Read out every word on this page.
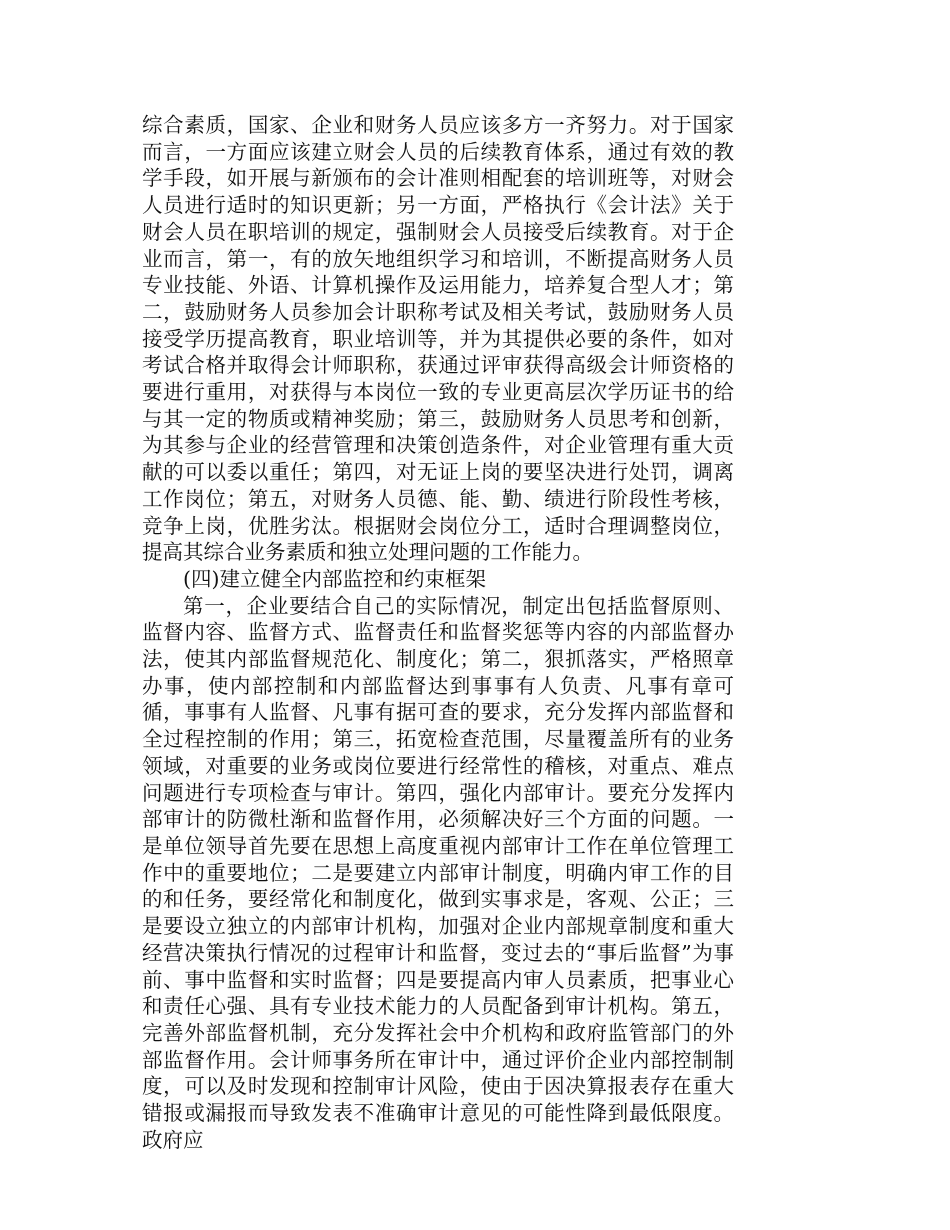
综合素质，国家、企业和财务人员应该多方一齐努力。对于国家而言，一方面应该建立财会人员的后续教育体系，通过有效的教学手段，如开展与新颁布的会计准则相配套的培训班等，对财会人员进行适时的知识更新；另一方面，严格执行《会计法》关于财会人员在职培训的规定，强制财会人员接受后续教育。对于企业而言，第一，有的放矢地组织学习和培训，不断提高财务人员专业技能、外语、计算机操作及运用能力，培养复合型人才；第二，鼓励财务人员参加会计职称考试及相关考试，鼓励财务人员接受学历提高教育，职业培训等，并为其提供必要的条件，如对考试合格并取得会计师职称，获通过评审获得高级会计师资格的要进行重用，对获得与本岗位一致的专业更高层次学历证书的给与其一定的物质或精神奖励；第三，鼓励财务人员思考和创新，为其参与企业的经营管理和决策创造条件，对企业管理有重大贡献的可以委以重任；第四，对无证上岗的要坚决进行处罚，调离工作岗位；第五，对财务人员德、能、勤、绩进行阶段性考核，竞争上岗，优胜劣汰。根据财会岗位分工，适时合理调整岗位，提高其综合业务素质和独立处理问题的工作能力。

(四)建立健全内部监控和约束框架

第一，企业要结合自己的实际情况，制定出包括监督原则、监督内容、监督方式、监督责任和监督奖惩等内容的内部监督办法，使其内部监督规范化、制度化；第二，狠抓落实，严格照章办事，使内部控制和内部监督达到事事有人负责、凡事有章可循，事事有人监督、凡事有据可查的要求，充分发挥内部监督和全过程控制的作用；第三，拓宽检查范围，尽量覆盖所有的业务领域，对重要的业务或岗位要进行经常性的稽核，对重点、难点问题进行专项检查与审计。第四，强化内部审计。要充分发挥内部审计的防微杜渐和监督作用，必须解决好三个方面的问题。一是单位领导首先要在思想上高度重视内部审计工作在单位管理工作中的重要地位；二是要建立内部审计制度，明确内审工作的目的和任务，要经常化和制度化，做到实事求是，客观、公正；三是要设立独立的内部审计机构，加强对企业内部规章制度和重大经营决策执行情况的过程审计和监督，变过去的“事后监督”为事前、事中监督和实时监督；四是要提高内审人员素质，把事业心和责任心强、具有专业技术能力的人员配备到审计机构。第五，完善外部监督机制，充分发挥社会中介机构和政府监管部门的外部监督作用。会计师事务所在审计中，通过评价企业内部控制制度，可以及时发现和控制审计风险，使由于因决算报表存在重大错报或漏报而导致发表不准确审计意见的可能性降到最低限度。政府应
